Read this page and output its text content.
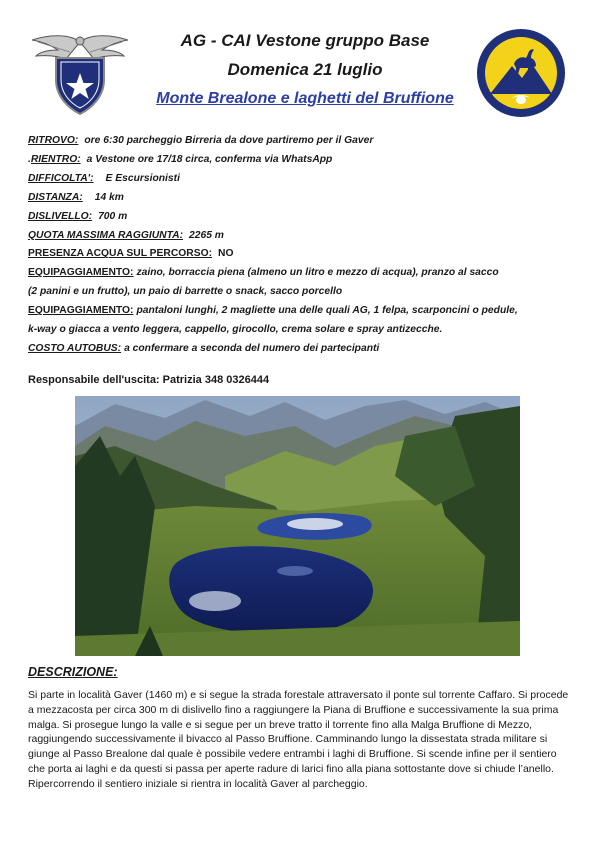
AG - CAI Vestone gruppo Base
Domenica 21 luglio
Monte Brealone e laghetti del Bruffione
RITROVO: ore 6:30 parcheggio Birreria da dove partiremo per il Gaver
.RIENTRO: a Vestone ore 17/18 circa, conferma via WhatsApp
DIFFICOLTA': E Escursionisti
DISTANZA: 14 km
DISLIVELLO: 700 m
QUOTA MASSIMA RAGGIUNTA: 2265 m
PRESENZA ACQUA SUL PERCORSO: NO
EQUIPAGGIAMENTO: zaino, borraccia piena (almeno un litro e mezzo di acqua), pranzo al sacco
(2 panini e un frutto), un paio di barrette o snack, sacco porcello
EQUIPAGGIAMENTO: pantaloni lunghi, 2 magliette una delle quali AG, 1 felpa, scarponcini o pedule,
k-way o giacca a vento leggera, cappello, girocollo, crema solare e spray antizecche.
COSTO AUTOBUS: a confermare a seconda del numero dei partecipanti
Responsabile dell'uscita: Patrizia 348 0326444
DESCRIZIONE:
Si parte in località Gaver (1460 m) e si segue la strada forestale attraversato il ponte sul torrente Caffaro. Si procede a mezzacosta per circa 300 m di dislivello fino a raggiungere la Piana di Bruffione e successivamente la sua prima malga. Si prosegue lungo la valle e si segue per un breve tratto il torrente fino alla Malga Bruffione di Mezzo, raggiungendo successivamente il bivacco al Passo Bruffione. Camminando lungo la dissestata strada militare si giunge al Passo Brealone dal quale è possibile vedere entrambi i laghi di Bruffione. Si scende infine per il sentiero che porta ai laghi e da questi si passa per aperte radure di larici fino alla piana sottostante dove si chiude l’anello. Ripercorrendo il sentiero iniziale si rientra in località Gaver al parcheggio.
